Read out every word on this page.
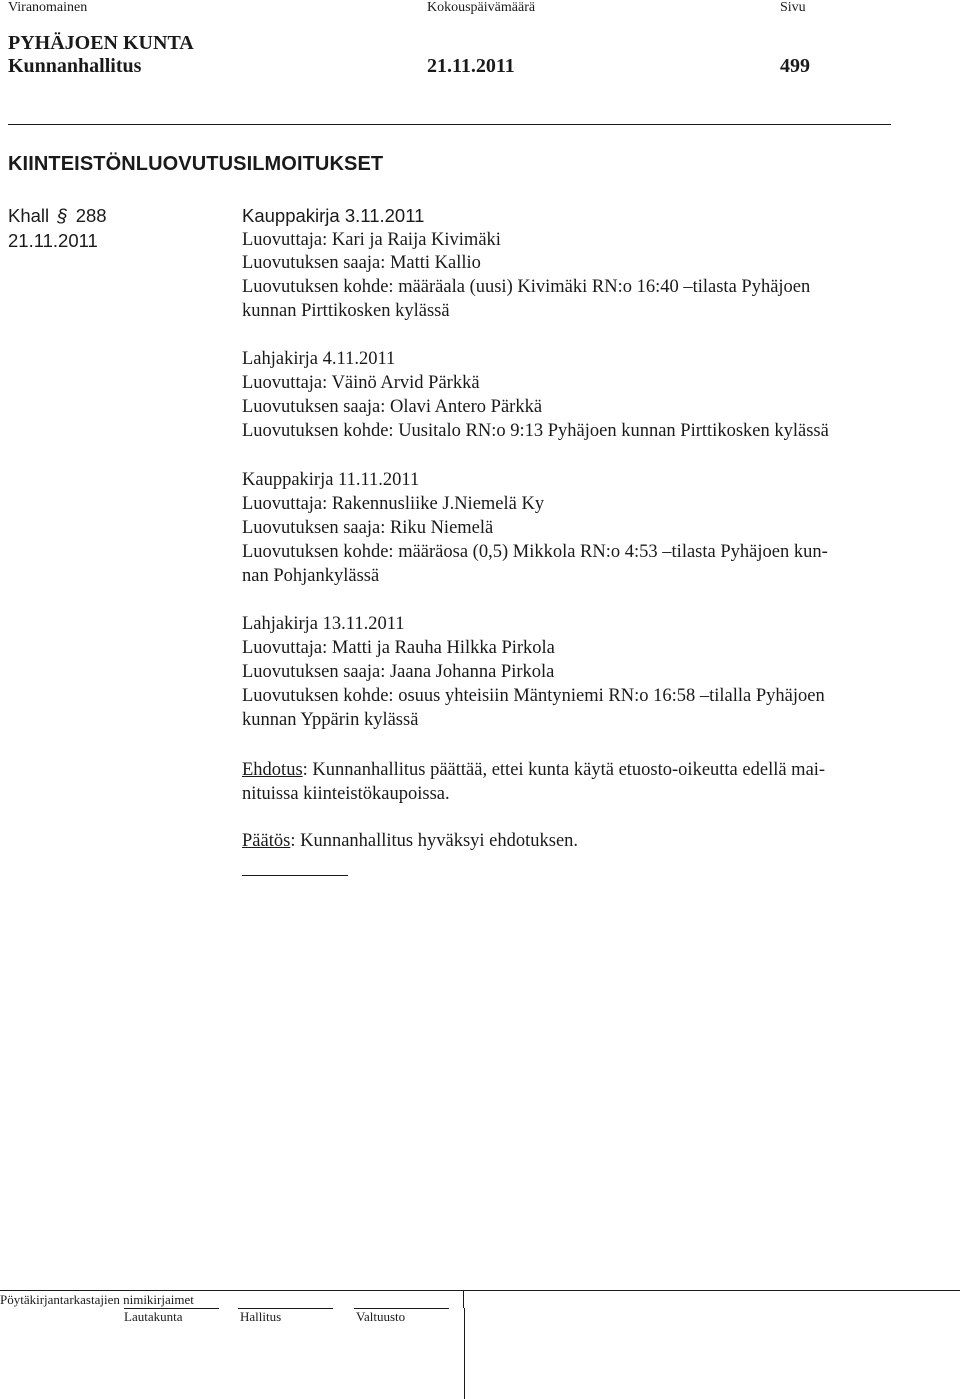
Viranomainen	Kokouspäivämäärä	Sivu
PYHÄJOEN KUNTA
Kunnanhallitus	21.11.2011	499
KIINTEISTÖNLUOVUTUSILMOITUKSET
Khall § 288
21.11.2011
Kauppakirja 3.11.2011
Luovuttaja: Kari ja Raija Kivimäki
Luovutuksen saaja: Matti Kallio
Luovutuksen kohde: määräala (uusi) Kivimäki RN:o 16:40 –tilasta Pyhäjoen
kunnan Pirttikosken kylässä
Lahjakirja 4.11.2011
Luovuttaja: Väinö Arvid Pärkkä
Luovutuksen saaja: Olavi Antero Pärkkä
Luovutuksen kohde: Uusitalo RN:o 9:13 Pyhäjoen kunnan Pirttikosken kylässä
Kauppakirja 11.11.2011
Luovuttaja: Rakennusliike J.Niemelä Ky
Luovutuksen saaja: Riku Niemelä
Luovutuksen kohde: määräosa (0,5) Mikkola RN:o 4:53 –tilasta Pyhäjoen kun-
nan Pohjankylässä
Lahjakirja 13.11.2011
Luovuttaja: Matti ja Rauha Hilkka Pirkola
Luovutuksen saaja: Jaana Johanna Pirkola
Luovutuksen kohde: osuus yhteisiin Mäntyniemi RN:o 16:58 –tilalla Pyhäjoen
kunnan Yppärin kylässä
Ehdotus: Kunnanhallitus päättää, ettei kunta käytä etuosto-oikeutta edellä mai-
nituissa kiinteistökaupoissa.
Päätös: Kunnanhallitus hyväksyi ehdotuksen.
Pöytäkirjantarkastajien nimikirjaimet
Lautakunta	Hallitus	Valtuusto
